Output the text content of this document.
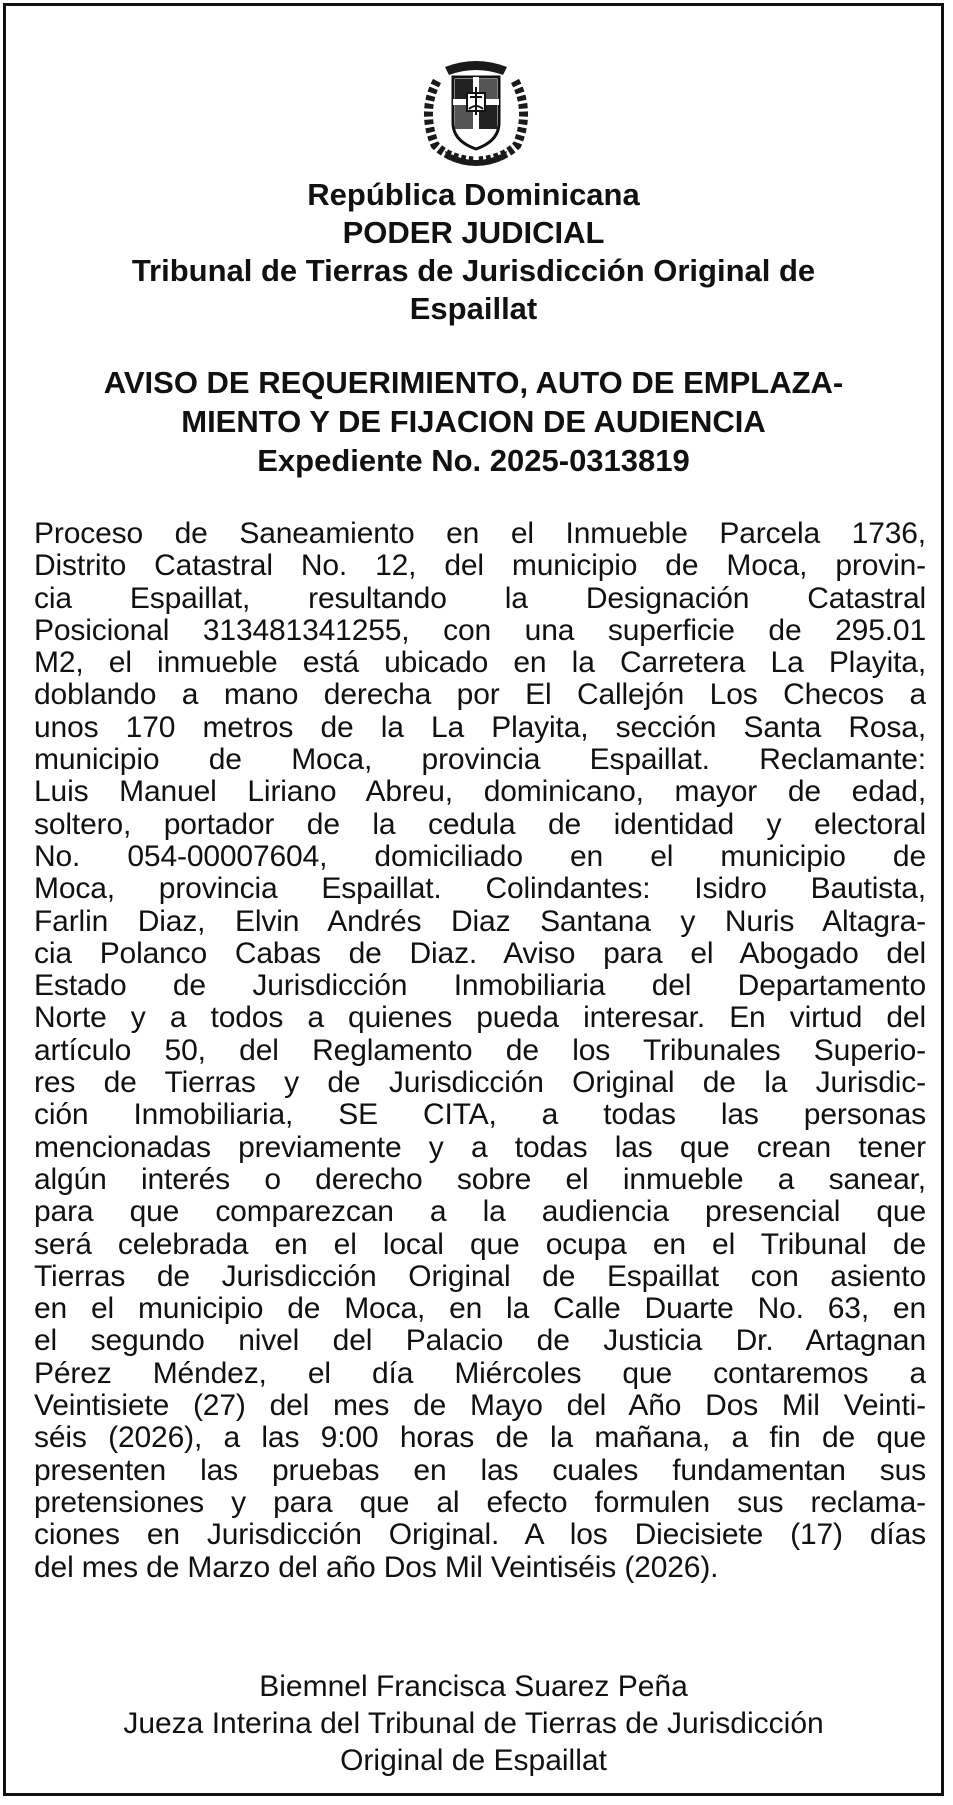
República Dominicana
PODER JUDICIAL
Tribunal de Tierras de Jurisdicción Original de
Espaillat
AVISO DE REQUERIMIENTO, AUTO DE EMPLAZA-
MIENTO Y DE FIJACION DE AUDIENCIA
Expediente No. 2025-0313819
Proceso de Saneamiento en el Inmueble Parcela 1736,
Distrito Catastral No. 12, del municipio de Moca, provin-
cia Espaillat, resultando la Designación Catastral
Posicional 313481341255, con una superficie de 295.01
M2, el inmueble está ubicado en la Carretera La Playita,
doblando a mano derecha por El Callejón Los Checos a
unos 170 metros de la La Playita, sección Santa Rosa,
municipio de Moca, provincia Espaillat. Reclamante:
Luis Manuel Liriano Abreu, dominicano, mayor de edad,
soltero, portador de la cedula de identidad y electoral
No. 054-00007604, domiciliado en el municipio de
Moca, provincia Espaillat. Colindantes: Isidro Bautista,
Farlin Diaz, Elvin Andrés Diaz Santana y Nuris Altagra-
cia Polanco Cabas de Diaz. Aviso para el Abogado del
Estado de Jurisdicción Inmobiliaria del Departamento
Norte y a todos a quienes pueda interesar. En virtud del
artículo 50, del Reglamento de los Tribunales Superio-
res de Tierras y de Jurisdicción Original de la Jurisdic-
ción Inmobiliaria, SE CITA, a todas las personas
mencionadas previamente y a todas las que crean tener
algún interés o derecho sobre el inmueble a sanear,
para que comparezcan a la audiencia presencial que
será celebrada en el local que ocupa en el Tribunal de
Tierras de Jurisdicción Original de Espaillat con asiento
en el municipio de Moca, en la Calle Duarte No. 63, en
el segundo nivel del Palacio de Justicia Dr. Artagnan
Pérez Méndez, el día Miércoles que contaremos a
Veintisiete (27) del mes de Mayo del Año Dos Mil Veinti-
séis (2026), a las 9:00 horas de la mañana, a fin de que
presenten las pruebas en las cuales fundamentan sus
pretensiones y para que al efecto formulen sus reclama-
ciones en Jurisdicción Original. A los Diecisiete (17) días
del mes de Marzo del año Dos Mil Veintiséis (2026).
Biemnel Francisca Suarez Peña
Jueza Interina del Tribunal de Tierras de Jurisdicción
Original de Espaillat
